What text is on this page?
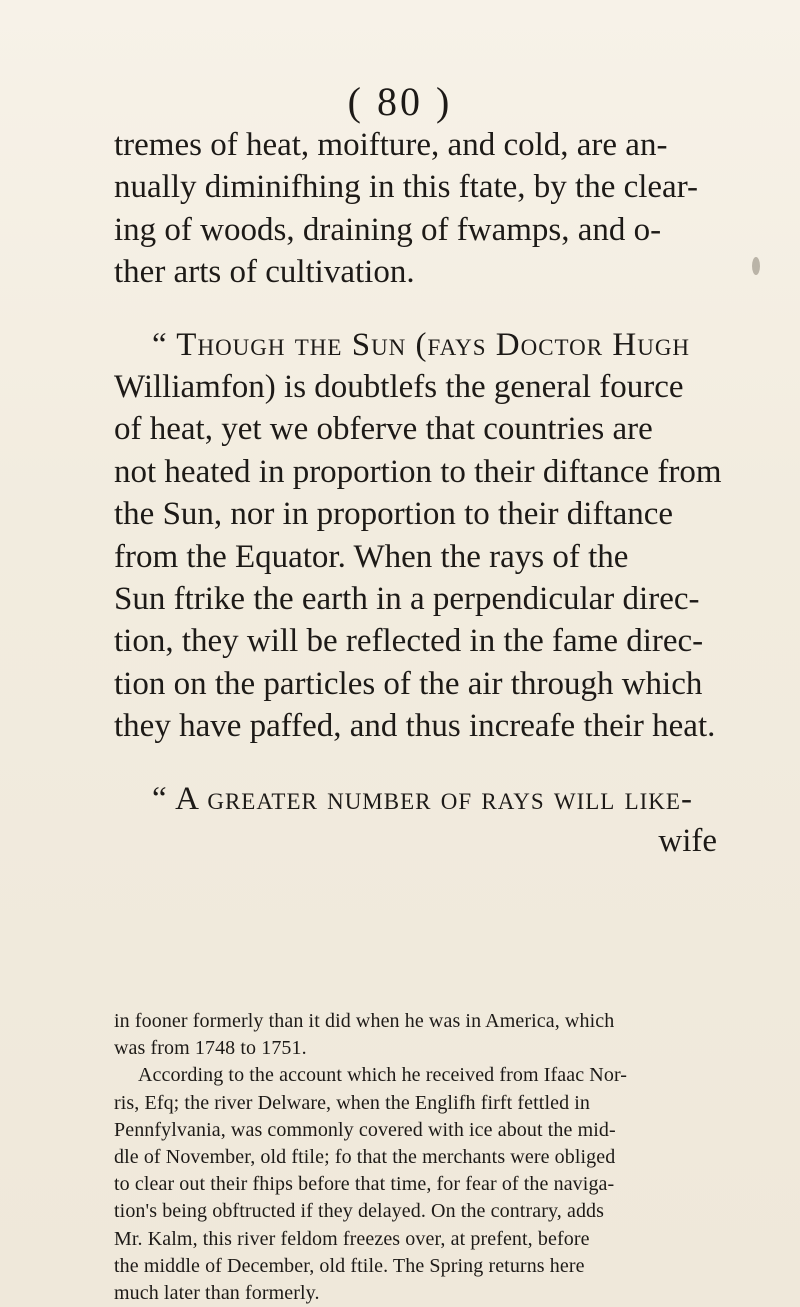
( 80 )
tremes of heat, moifture, and cold, are an-
nually diminifhing in this ftate, by the clear-
ing of woods, draining of fwamps, and o-
ther arts of cultivation.
“ Though the Sun (fays Doctor Hugh
Williamfon) is doubtlefs the general fource
of heat, yet we obferve that countries are
not heated in proportion to their diftance from
the Sun, nor in proportion to their diftance
from the Equator. When the rays of the
Sun ftrike the earth in a perpendicular direc-
tion, they will be reflected in the fame direc-
tion on the particles of the air through which
they have paffed, and thus increafe their heat.
“ A greater number of rays will like-
wife
in fooner formerly than it did when he was in America, which
was from 1748 to 1751.
According to the account which he received from Ifaac Nor-
ris, Efq; the river Delware, when the Englifh firft fettled in
Pennfylvania, was commonly covered with ice about the mid-
dle of November, old ftile; fo that the merchants were obliged
to clear out their fhips before that time, for fear of the naviga-
tion's being obftructed if they delayed. On the contrary, adds
Mr. Kalm, this river feldom freezes over, at prefent, before
the middle of December, old ftile. The Spring returns here
much later than formerly.
